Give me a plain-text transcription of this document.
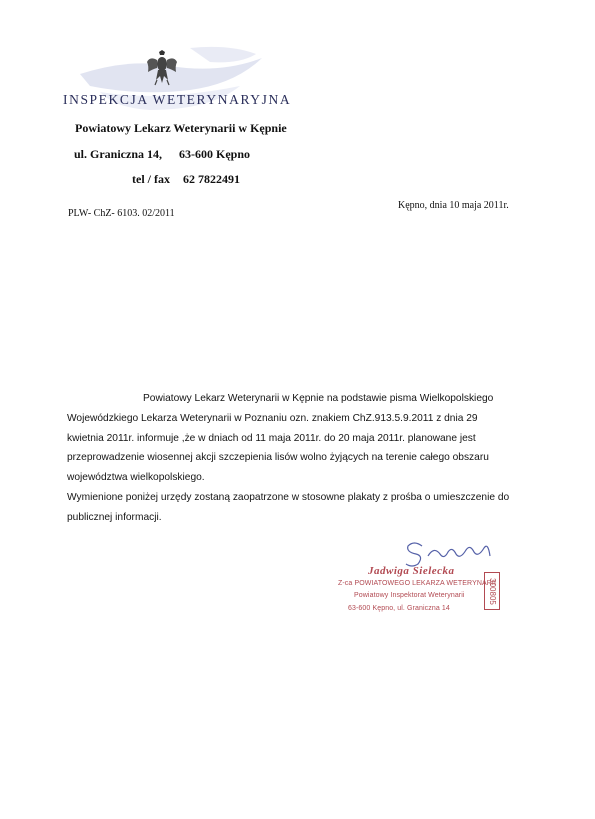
INSPEKCJA WETERYNARYJNA
Powiatowy Lekarz Weterynarii w Kępnie
ul. Graniczna 14, 63-600 Kępno
tel / fax 62 7822491
Kępno, dnia 10 maja 2011r.
PLW- ChZ- 6103. 02/2011

Powiatowy Lekarz Weterynarii w Kępnie na podstawie pisma Wielkopolskiego Wojewódzkiego Lekarza Weterynarii w Poznaniu ozn. znakiem ChZ.913.5.9.2011 z dnia 29 kwietnia 2011r. informuje ,że w dniach od 11 maja 2011r. do 20 maja 2011r. planowane jest przeprowadzenie wiosennej akcji szczepienia lisów wolno żyjących na terenie całego obszaru województwa wielkopolskiego.

Wymienione poniżej urzędy zostaną zaopatrzone w stosowne plakaty z prośba o umieszczenie do publicznej informacji.

Jadwiga Sielecka
Z-ca POWIATOWEGO LEKARZA WETERYNARII
Powiatowy Inspektorat Weterynarii
63-600 Kępno, ul. Graniczna 14
300805
